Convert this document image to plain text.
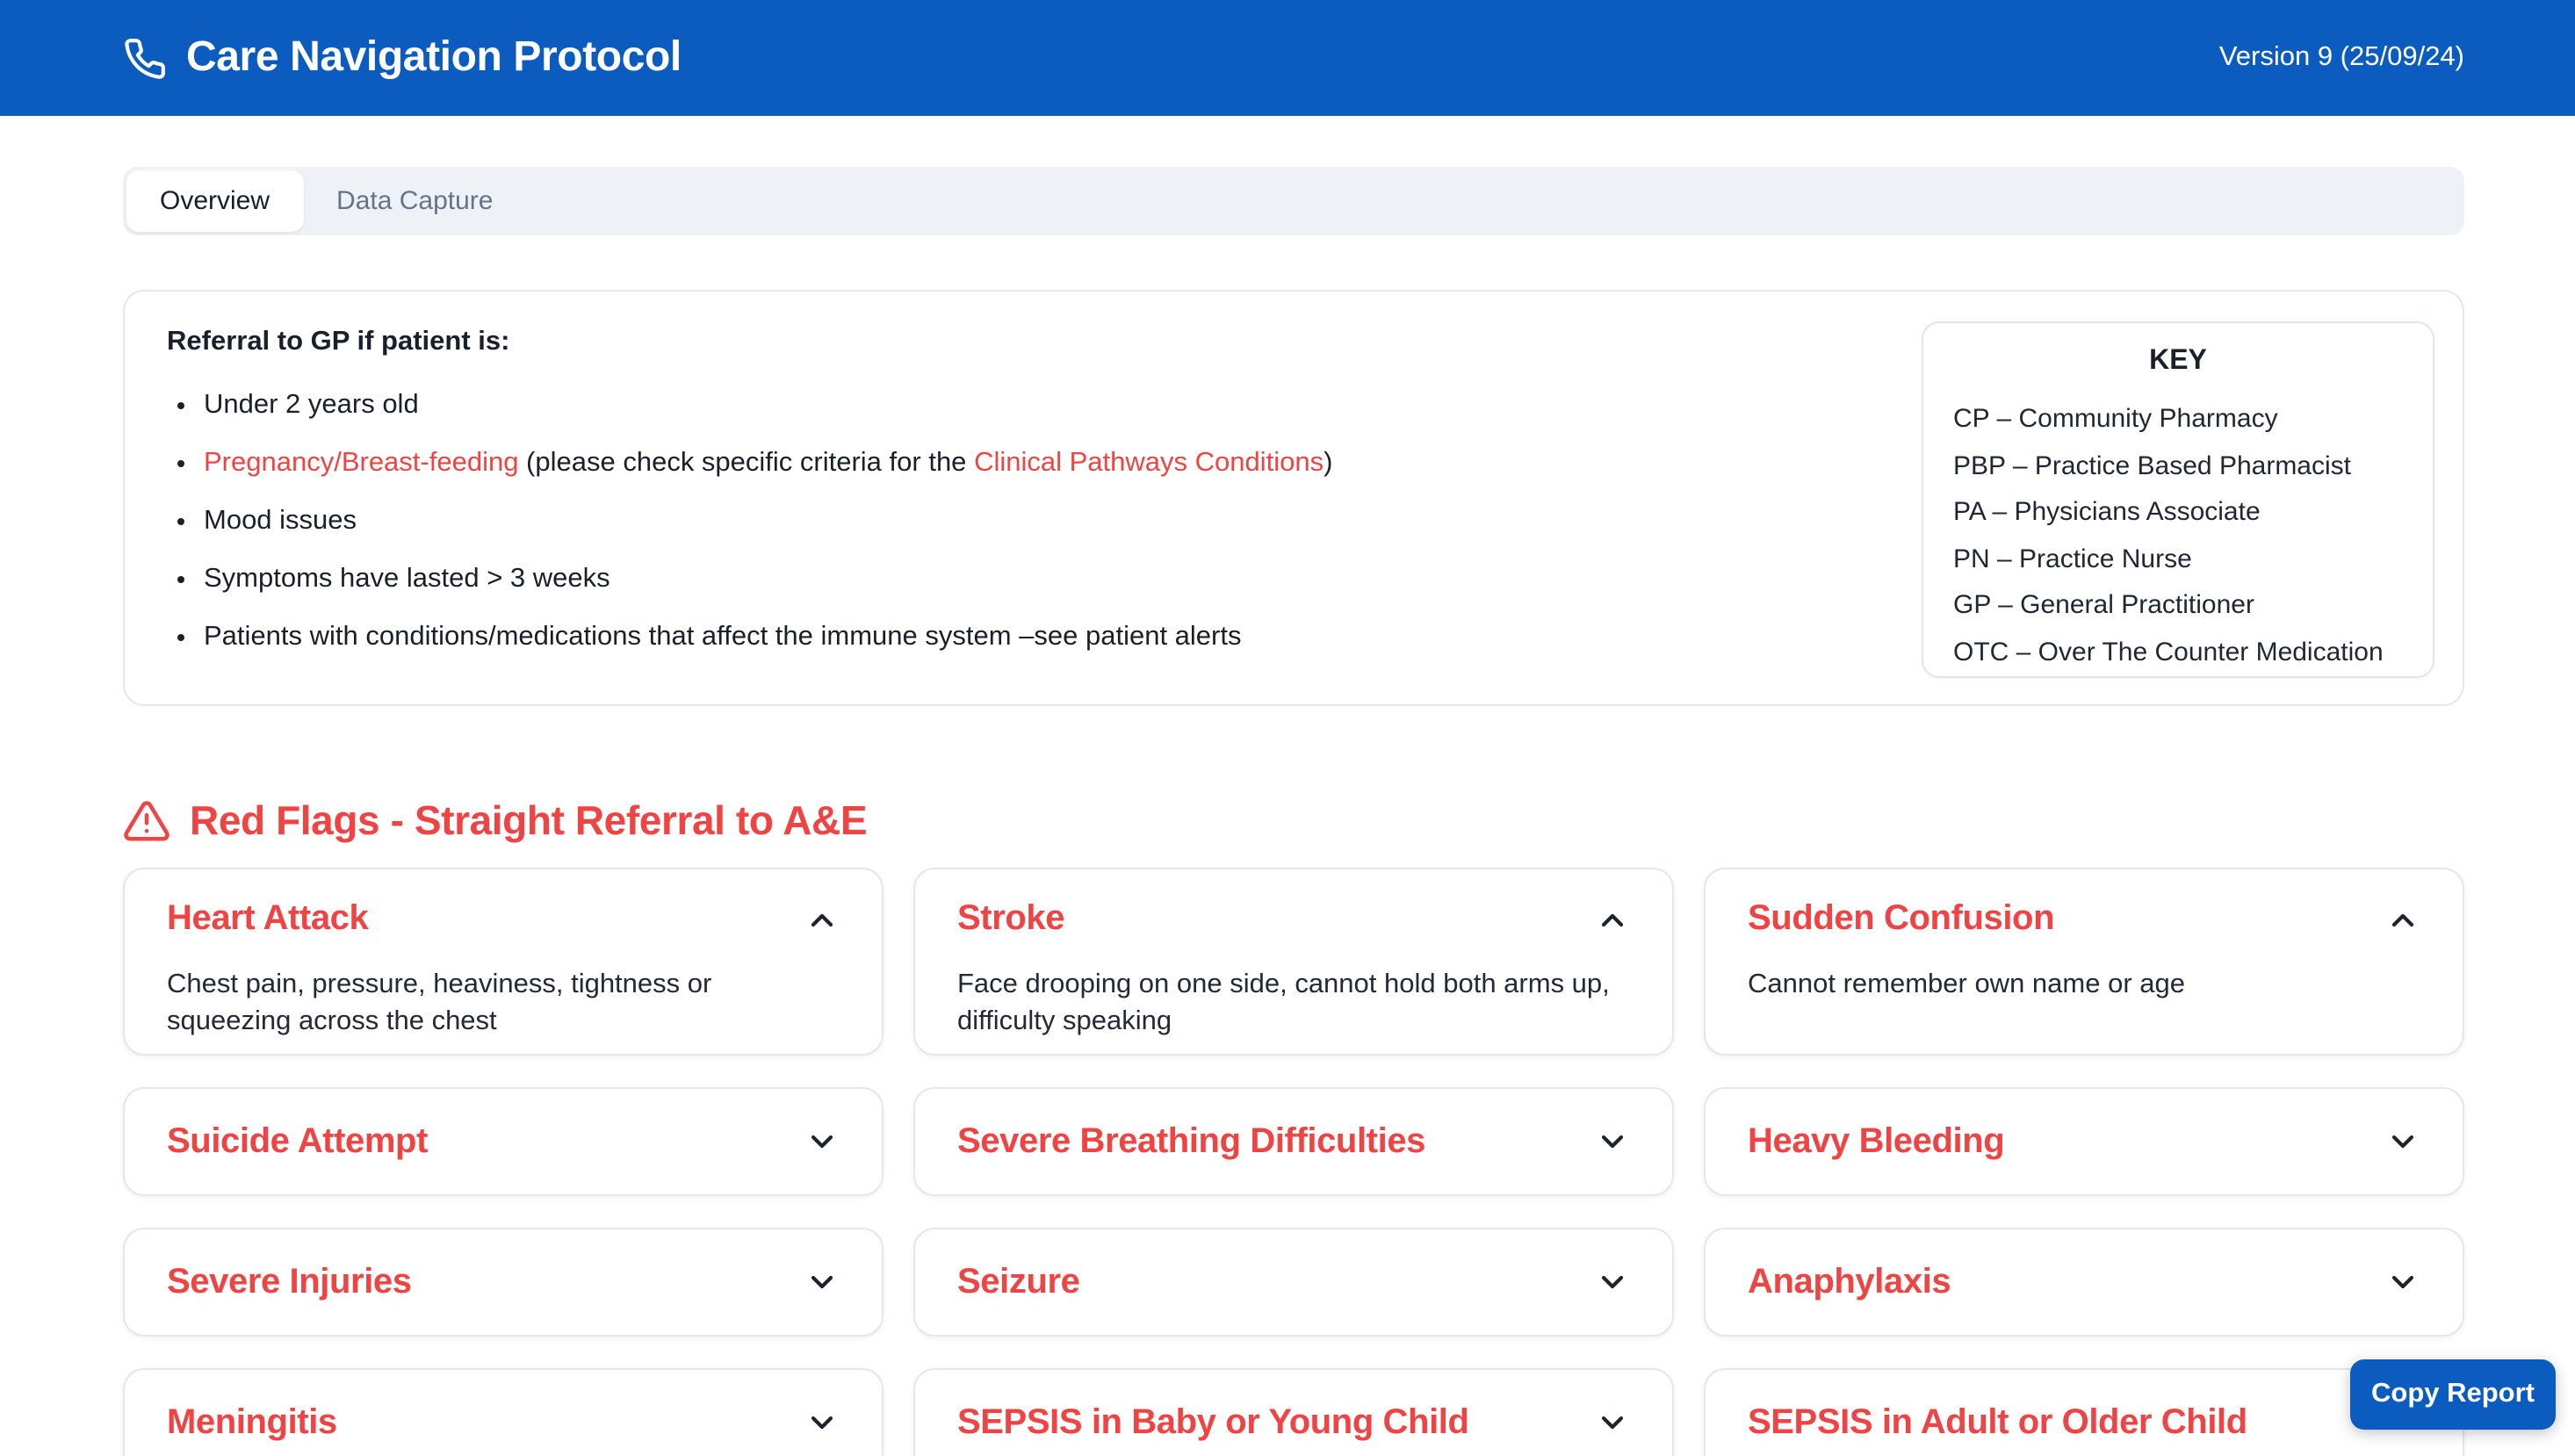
Care Navigation Protocol	Version 9 (25/09/24)
Overview	Data Capture
Referral to GP if patient is:
• Under 2 years old
• Pregnancy/Breast-feeding (please check specific criteria for the Clinical Pathways Conditions)
• Mood issues
• Symptoms have lasted > 3 weeks
• Patients with conditions/medications that affect the immune system –see patient alerts
KEY
CP – Community Pharmacy
PBP – Practice Based Pharmacist
PA – Physicians Associate
PN – Practice Nurse
GP – General Practitioner
OTC – Over The Counter Medication
Red Flags - Straight Referral to A&E
Heart Attack
Chest pain, pressure, heaviness, tightness or squeezing across the chest
Stroke
Face drooping on one side, cannot hold both arms up, difficulty speaking
Sudden Confusion
Cannot remember own name or age
Suicide Attempt	Severe Breathing Difficulties	Heavy Bleeding
Severe Injuries	Seizure	Anaphylaxis
Meningitis	SEPSIS in Baby or Young Child	SEPSIS in Adult or Older Child
Copy Report
